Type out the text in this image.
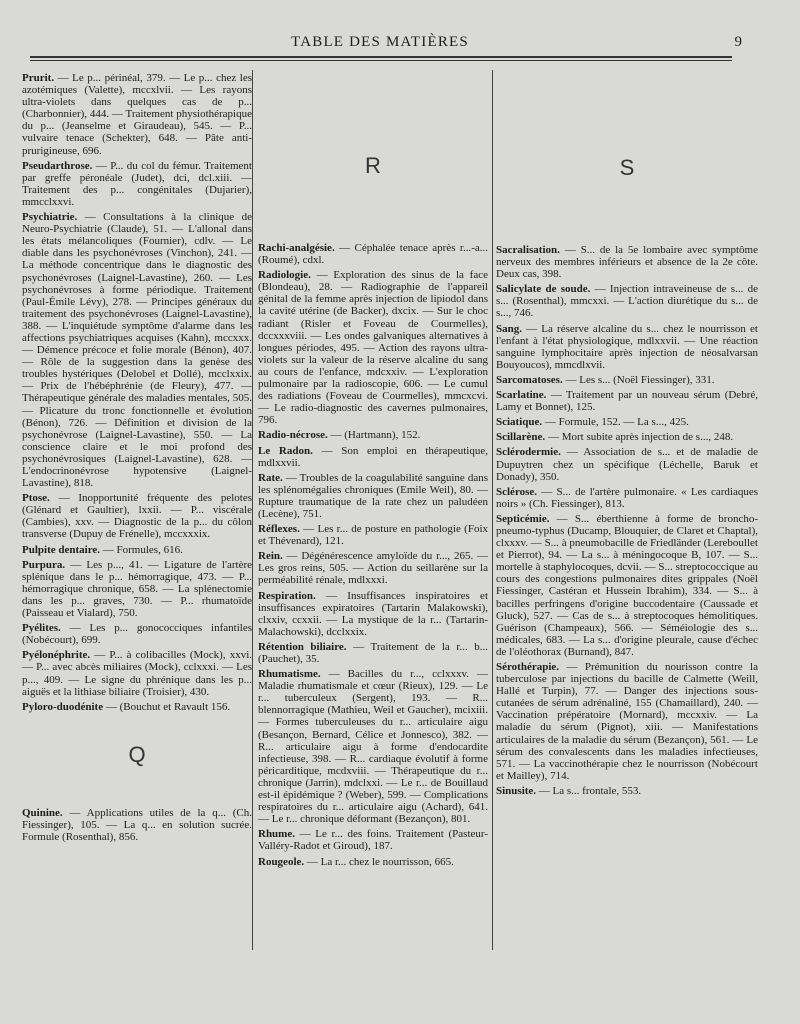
TABLE DES MATIÈRES	9

Prurit. — Le p... périnéal, 379. — Le p... chez les azotémiques (Valette), mccxlvii. — Les rayons ultra-violets dans quelques cas de p... (Charbonnier), 444. — Traitement physiothérapique du p... (Jeanselme et Giraudeau), 545. — P... vulvaire tenace (Schekter), 648. — Pâte anti-prurigineuse, 696.

Pseudarthrose. — P... du col du fémur. Traitement par greffe péronéale (Judet), dci, dcl.xiii. — Traitement des p... congénitales (Dujarier), mmcclxxvi.

Psychiatrie. — Consultations à la clinique de Neuro-Psychiatrie (Claude), 51. — L'allonal dans les états mélancoliques (Fournier), cdlv. — Le diable dans les psychonévroses (Vinchon), 241. — La méthode concentrique dans le diagnostic des psychonévroses (Laignel-Lavastine), 260. — Les psychonévroses à forme périodique. Traitement (Paul-Émile Lévy), 278. — Principes généraux du traitement des psychonévroses (Laignel-Lavastine), 388. — L'inquiétude symptôme d'alarme dans les affections psychiatriques acquises (Kahn), mccxxx. — Démence précoce et folie morale (Bénon), 407. — Rôle de la suggestion dans la genèse des troubles hystériques (Delobel et Dollé), mcclxxix. — Prix de l'hébéphrénie (de Fleury), 477. — Thérapeutique générale des maladies mentales, 505. — Plicature du tronc fonctionnelle et évolution (Bénon), 726. — Définition et division de la psychonévrose (Laignel-Lavastine), 550. — La conscience claire et le moi profond des psychonévrosiques (Laignel-Lavastine), 628. — L'endocrinonévrose hypotensive (Laignel-Lavastine), 818.

Ptose. — Inopportunité fréquente des pelotes (Glénard et Gaultier), lxxii. — P... viscérale (Cambies), xxv. — Diagnostic de la p... du côlon transverse (Dupuy de Frénelle), mccxxxix.

Pulpite dentaire. — Formules, 616.

Purpura. — Les p..., 41. — Ligature de l'artère splénique dans le p... hémorragique, 473. — P... hémorragique chronique, 658. — La splénectomie dans les p... graves, 730. — P... rhumatoïde (Paisseau et Vialard), 750.

Pyélites. — Les p... gonococciques infantiles (Nobécourt), 699.

Pyélonéphrite. — P... à colibacilles (Mock), xxvi. — P... avec abcès miliaires (Mock), cclxxxi. — Les p..., 409. — Le signe du phrénique dans les p... aiguës et la lithiase biliaire (Troisier), 430.

Pyloro-duodénite — (Bouchut et Ravault 156.

Q

Quinine. — Applications utiles de la q... (Ch. Fiessinger), 105. — La q... en solution sucrée. Formule (Rosenthal), 856.

R

Rachi-analgésie. — Céphalée tenace après r...-a... (Roumé), cdxl.

Radiologie. — Exploration des sinus de la face (Blondeau), 28. — Radiographie de l'appareil génital de la femme après injection de lipiodol dans la cavité utérine (de Backer), dxcix. — Sur le choc radiant (Risler et Foveau de Courmelles), dccxxxviii. — Les ondes galvaniques alternatives à longues périodes, 495. — Action des rayons ultra-violets sur la valeur de la réserve alcaline du sang au cours de l'enfance, mdcxxiv. — L'exploration pulmonaire par la radioscopie, 606. — Le cumul des radiations (Foveau de Courmelles), mmcxcvi. — Le radio-diagnostic des cavernes pulmonaires, 796.

Radio-nécrose. — (Hartmann), 152.

Le Radon. — Son emploi en thérapeutique, mdlxxvii.

Rate. — Troubles de la coagulabilité sanguine dans les splénomégalies chroniques (Emile Weil), 80. — Rupture traumatique de la rate chez un paludéen (Lecène), 751.

Réflexes. — Les r... de posture en pathologie (Foix et Thévenard), 121.

Rein. — Dégénérescence amyloïde du r..., 265. — Les gros reins, 505. — Action du seillarène sur la perméabilité rénale, mdlxxxi.

Respiration. — Insuffisances inspiratoires et insuffisances expiratoires (Tartarin Malakowski), clxxiv, ccxxii. — La mystique de la r... (Tartarin-Malachowski), dcclxxix.

Rétention biliaire. — Traitement de la r... b... (Pauchet), 35.

Rhumatisme. — Bacilles du r..., cclxxxv. — Maladie rhumatismale et cœur (Rieux), 129. — Le r... tuberculeux (Sergent), 193. — R... blennorragique (Mathieu, Weil et Gaucher), mcixiii. — Formes tuberculeuses du r... articulaire aigu (Besançon, Bernard, Célice et Jonnesco), 382. — R... articulaire aigu à forme d'endocardite infectieuse, 398. — R... cardiaque évolutif à forme péricarditique, mcdxviii. — Thérapeutique du r... chronique (Jarrin), mdclxxi. — Le r... de Bouillaud est-il épidémique ? (Weber), 599. — Complications respiratoires du r... articulaire aigu (Achard), 641. — Le r... chronique déformant (Bezançon), 801.

Rhume. — Le r... des foins. Traitement (Pasteur-Valléry-Radot et Giroud), 187.

Rougeole. — La r... chez le nourrisson, 665.

S

Sacralisation. — S... de la 5e lombaire avec symptôme nerveux des membres inférieurs et absence de la 2e côte. Deux cas, 398.

Salicylate de soude. — Injection intraveineuse de s... de s... (Rosenthal), mmcxxi. — L'action diurétique du s... de s..., 746.

Sang. — La réserve alcaline du s... chez le nourrisson et l'enfant à l'état physiologique, mdlxxvii. — Une réaction sanguine lymphocitaire après injection de néosalvarsan Bouyoucos), mmcdlxvii.

Sarcomatoses. — Les s... (Noël Fiessinger), 331.

Scarlatine. — Traitement par un nouveau sérum (Debré, Lamy et Bonnet), 125.

Sciatique. — Formule, 152. — La s..., 425.

Scillarène. — Mort subite après injection de s..., 248.

Sclérodermie. — Association de s... et de maladie de Dupuytren chez un spécifique (Léchelle, Baruk et Donady), 350.

Sclérose. — S... de l'artère pulmonaire. « Les cardiaques noirs » (Ch. Fiessinger), 813.

Septicémie. — S... éberthienne à forme de broncho-pneumo-typhus (Ducamp, Blouquier, de Claret et Chaptal), clxxxv. — S... à pneumobacille de Friedländer (Lereboullet et Pierrot), 94. — La s... à méningocoque B, 107. — S... mortelle à staphylocoques, dcvii. — S... streptococcique au cours des congestions pulmonaires dites grippales (Noël Fiessinger, Castéran et Hussein Ibrahim), 334. — S... à bacilles perfringens d'origine buccodentaire (Caussade et Gluck), 527. — Cas de s... à streptocoques hémolitiques. Guérison (Champeaux), 566. — Séméiologie des s... médicales, 683. — La s... d'origine pleurale, cause d'échec de l'oléothorax (Burnand), 847.

Sérothérapie. — Prémunition du nourisson contre la tuberculose par injections du bacille de Calmette (Weill, Hallé et Turpin), 77. — Danger des injections sous-cutanées de sérum adrénaliné, 155 (Chamaillard), 240. — Vaccination prépératoire (Mornard), mccxxiv. — La maladie du sérum (Pignot), xiii. — Manifestations articulaires de la maladie du sérum (Bezançon), 561. — Le sérum des convalescents dans les maladies infectieuses, 571. — La vaccinothérapie chez le nourrisson (Nobécourt et Mailley), 714.

Sinusite. — La s... frontale, 553.
